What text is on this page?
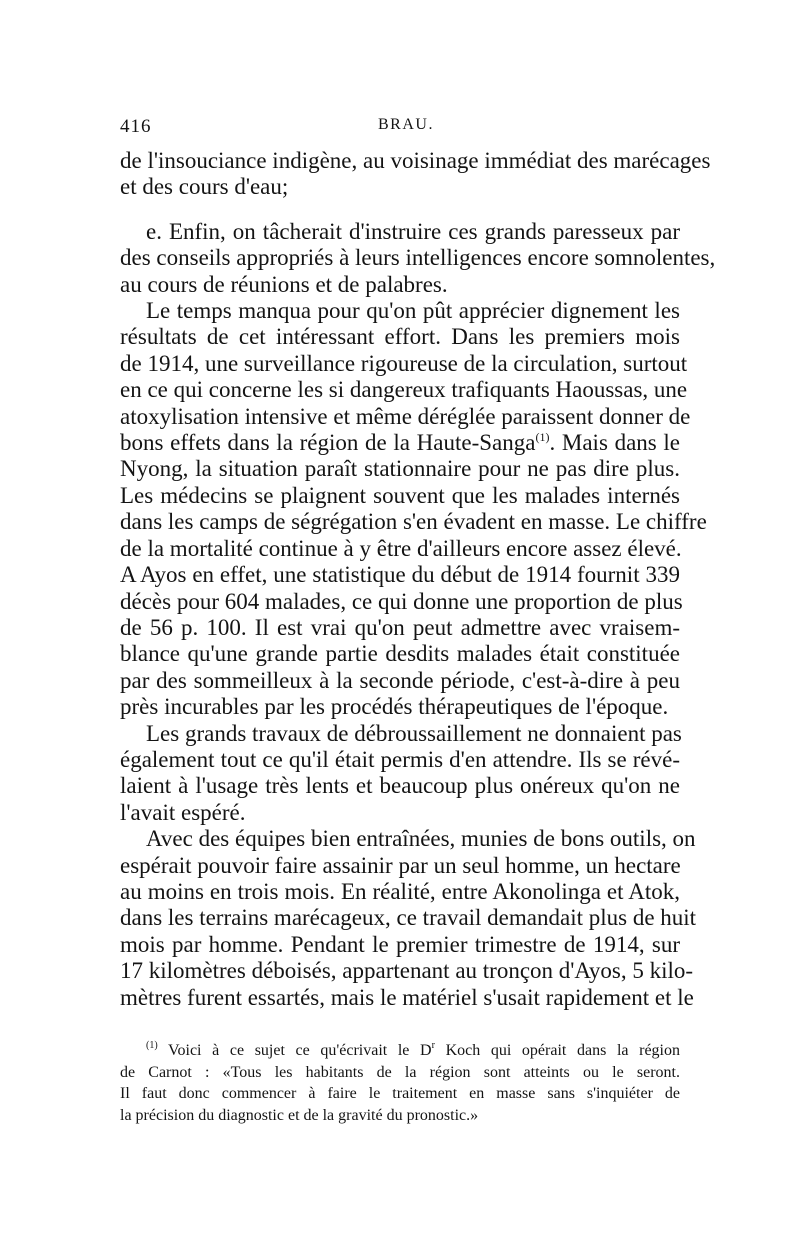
416	BRAU.
de l'insouciance indigène, au voisinage immédiat des marécages
et des cours d'eau;
e. Enfin, on tâcherait d'instruire ces grands paresseux par
des conseils appropriés à leurs intelligences encore somnolentes,
au cours de réunions et de palabres.
Le temps manqua pour qu'on pût apprécier dignement les
résultats de cet intéressant effort. Dans les premiers mois
de 1914, une surveillance rigoureuse de la circulation, surtout
en ce qui concerne les si dangereux trafiquants Haoussas, une
atoxylisation intensive et même déréglée paraissent donner de
bons effets dans la région de la Haute-Sanga$^{(1)}$. Mais dans le
Nyong, la situation paraît stationnaire pour ne pas dire plus.
Les médecins se plaignent souvent que les malades internés
dans les camps de ségrégation s'en évadent en masse. Le chiffre
de la mortalité continue à y être d'ailleurs encore assez élevé.
A Ayos en effet, une statistique du début de 1914 fournit 339
décès pour 604 malades, ce qui donne une proportion de plus
de 56 p. 100. Il est vrai qu'on peut admettre avec vraisem-
blance qu'une grande partie desdits malades était constituée
par des sommeilleux à la seconde période, c'est-à-dire à peu
près incurables par les procédés thérapeutiques de l'époque.
Les grands travaux de débroussaillement ne donnaient pas
également tout ce qu'il était permis d'en attendre. Ils se révé-
laient à l'usage très lents et beaucoup plus onéreux qu'on ne
l'avait espéré.
Avec des équipes bien entraînées, munies de bons outils, on
espérait pouvoir faire assainir par un seul homme, un hectare
au moins en trois mois. En réalité, entre Akonolinga et Atok,
dans les terrains marécageux, ce travail demandait plus de huit
mois par homme. Pendant le premier trimestre de 1914, sur
17 kilomètres déboisés, appartenant au tronçon d'Ayos, 5 kilo-
mètres furent essartés, mais le matériel s'usait rapidement et le
$^{(1)}$ Voici à ce sujet ce qu'écrivait le $D^r$ Koch qui opérait dans la région
de Carnot : «Tous les habitants de la région sont atteints ou le seront.
Il faut donc commencer à faire le traitement en masse sans s'inquiéter de
la précision du diagnostic et de la gravité du pronostic.»
